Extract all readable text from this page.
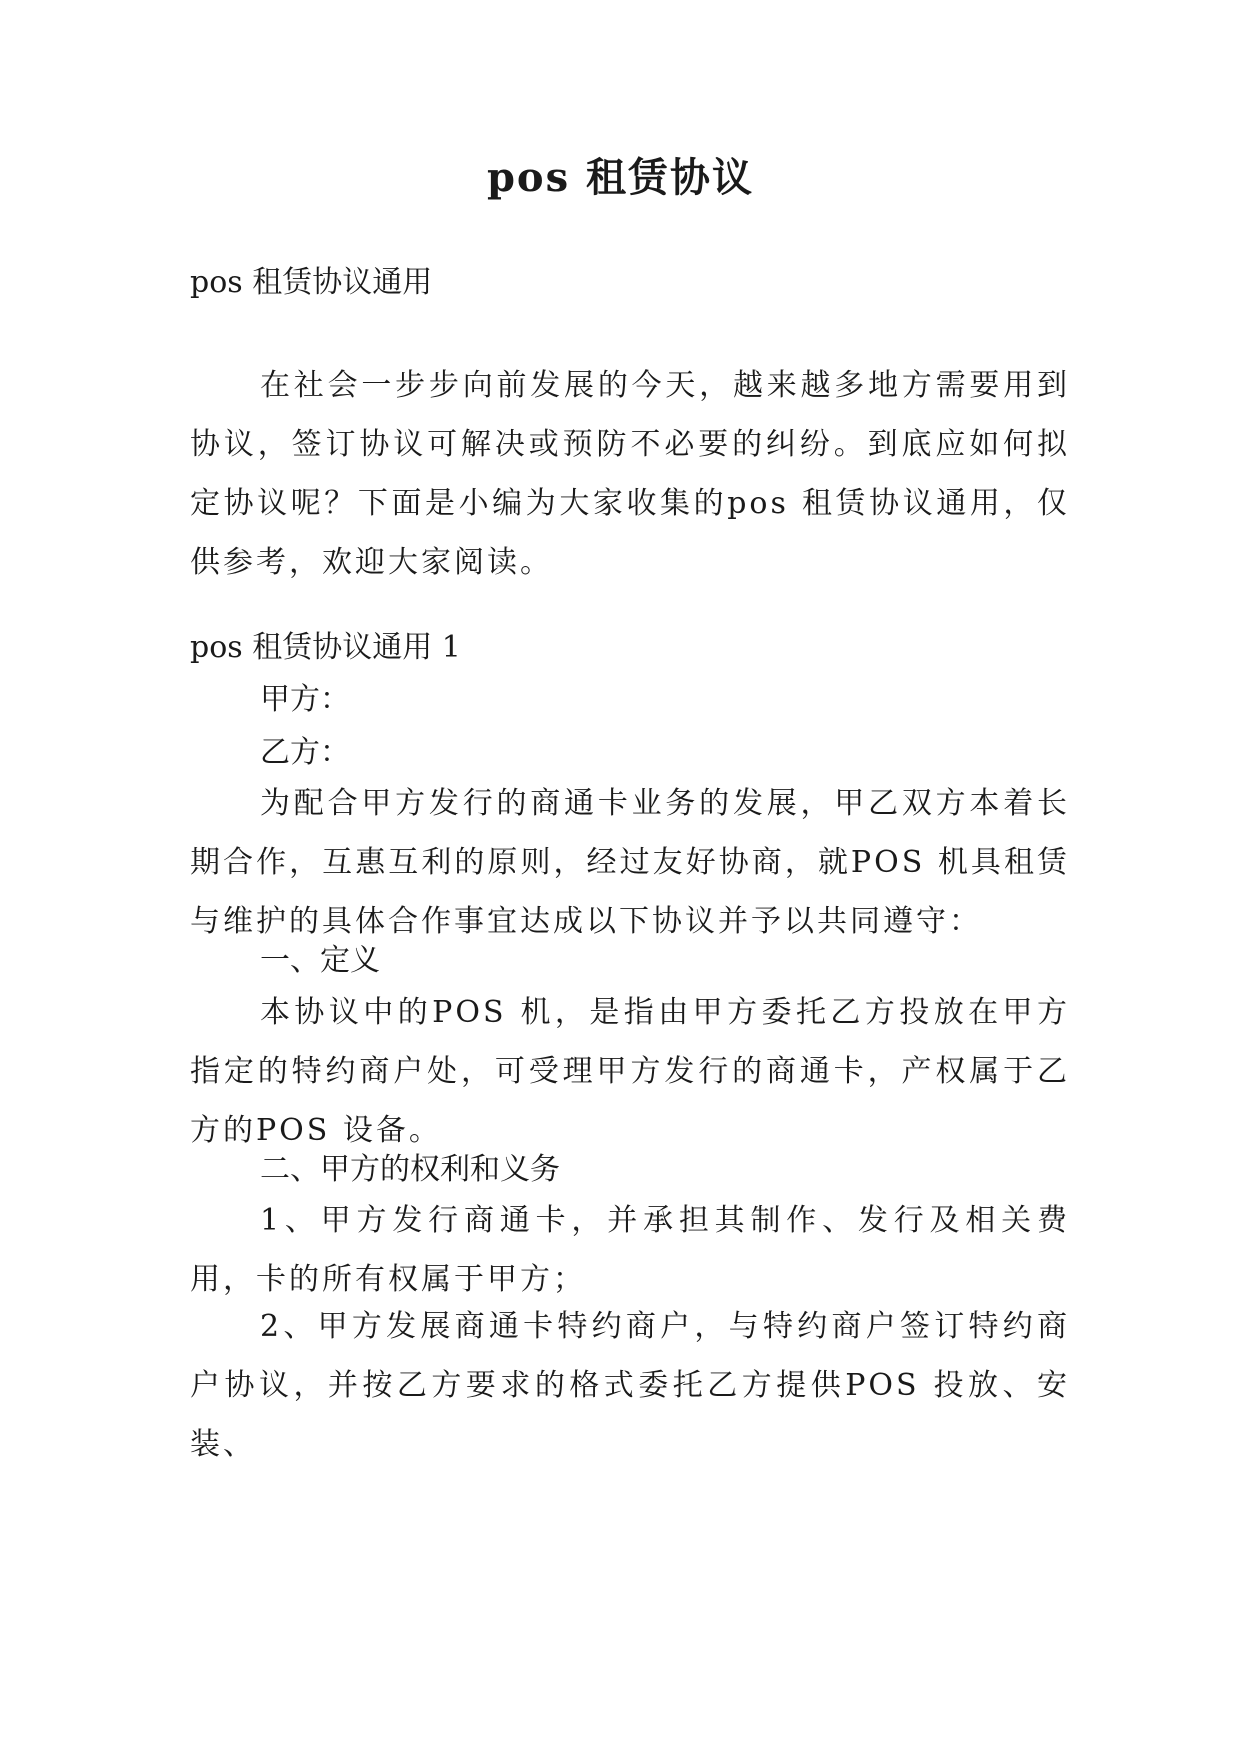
pos 租赁协议

pos 租赁协议通用

在社会一步步向前发展的今天，越来越多地方需要用到协议，签订协议可解决或预防不必要的纠纷。到底应如何拟定协议呢？下面是小编为大家收集的pos 租赁协议通用，仅供参考，欢迎大家阅读。

pos 租赁协议通用 1

甲方：

乙方：

为配合甲方发行的商通卡业务的发展，甲乙双方本着长期合作，互惠互利的原则，经过友好协商，就POS 机具租赁与维护的具体合作事宜达成以下协议并予以共同遵守：

一、定义

本协议中的POS 机，是指由甲方委托乙方投放在甲方指定的特约商户处，可受理甲方发行的商通卡，产权属于乙方的POS 设备。

二、甲方的权利和义务

1、甲方发行商通卡，并承担其制作、发行及相关费用，卡的所有权属于甲方；

2、甲方发展商通卡特约商户，与特约商户签订特约商户协议，并按乙方要求的格式委托乙方提供POS 投放、安装、
